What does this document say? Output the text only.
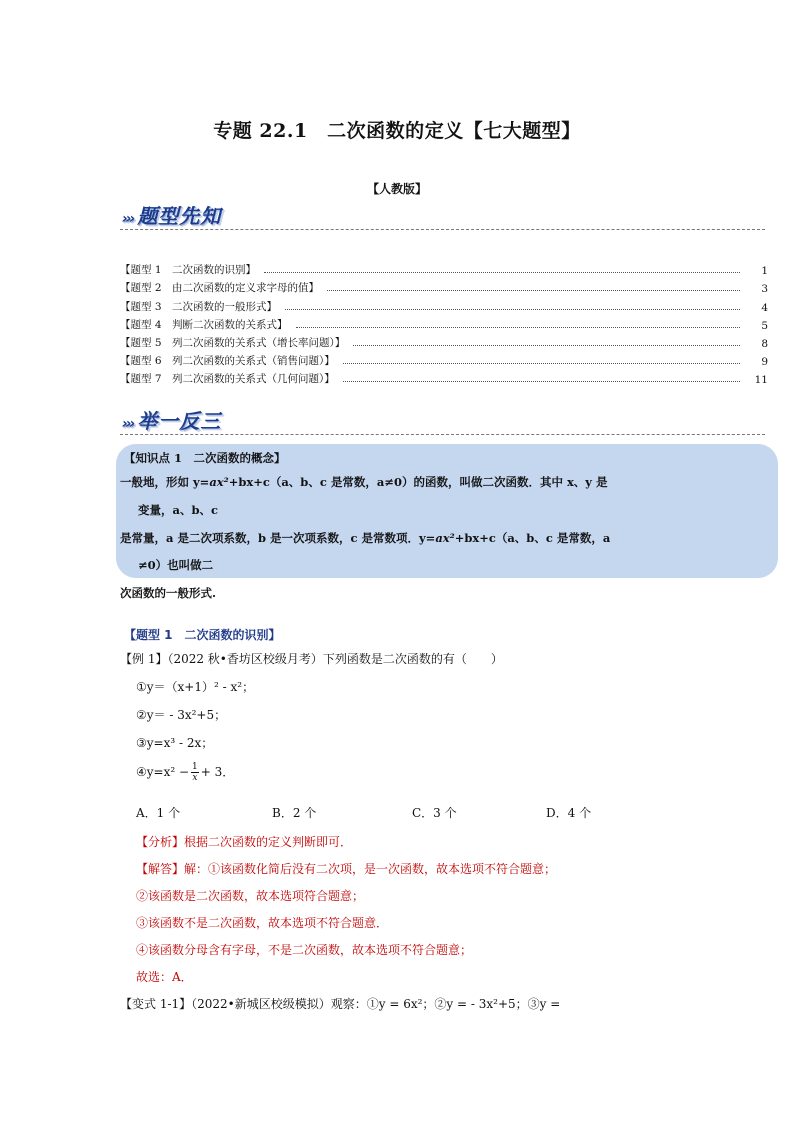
专题 22.1　二次函数的定义【七大题型】
【人教版】
››› 题型先知
【题型 1　二次函数的识别】	1
【题型 2　由二次函数的定义求字母的值】	3
【题型 3　二次函数的一般形式】	4
【题型 4　判断二次函数的关系式】	5
【题型 5　列二次函数的关系式（增长率问题）】	8
【题型 6　列二次函数的关系式（销售问题）】	9
【题型 7　列二次函数的关系式（几何问题）】	11
››› 举一反三
【知识点 1　二次函数的概念】
一般地，形如 y=ax²+bx+c（a、b、c 是常数，a≠0）的函数，叫做二次函数．其中 x、y 是
变量，a、b、c
是常量，a 是二次项系数，b 是一次项系数，c 是常数项．y=ax²+bx+c（a、b、c 是常数，a
≠0）也叫做二
次函数的一般形式.
【题型 1　二次函数的识别】
【例 1】（2022 秋•香坊区校级月考）下列函数是二次函数的有（　　）
①y＝（x+1）² - x²；
②y＝ - 3x²+5；
③y=x³ - 2x；
④y=x² − $\frac{1}{x} + 3$．
A．1 个	B．2 个	C．3 个	D．4 个
【分析】根据二次函数的定义判断即可．
【解答】解：①该函数化简后没有二次项，是一次函数，故本选项不符合题意；
②该函数是二次函数，故本选项符合题意；
③该函数不是二次函数，故本选项不符合题意．
④该函数分母含有字母，不是二次函数，故本选项不符合题意；
故选：A．
【变式 1-1】（2022•新城区校级模拟）观察：①y = 6x²；②y = - 3x²+5；③y =
